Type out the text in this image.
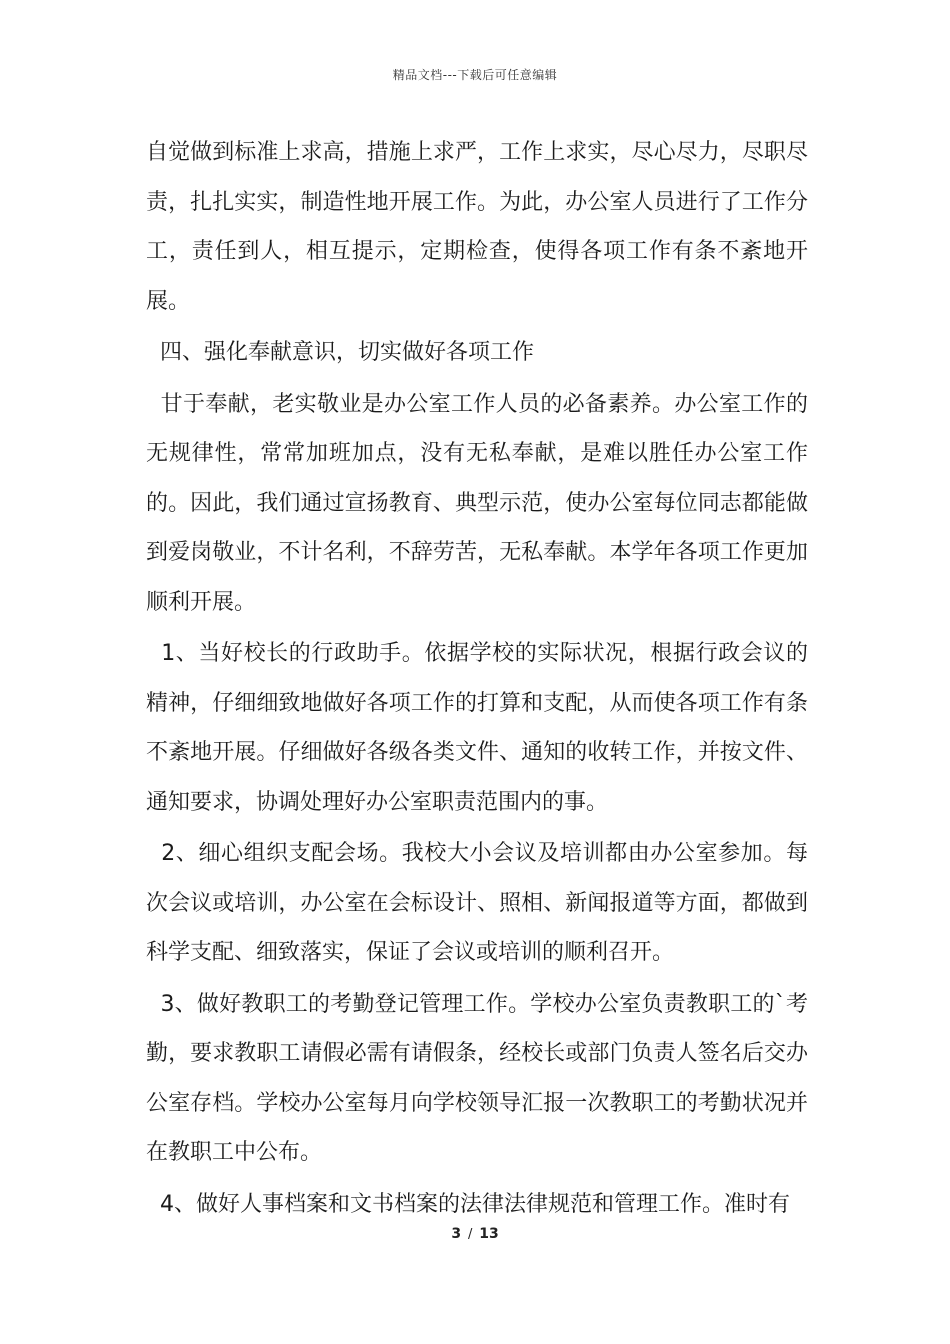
精品文档---下载后可任意编辑

自觉做到标准上求高，措施上求严，工作上求实，尽心尽力，尽职尽责，扎扎实实，制造性地开展工作。为此，办公室人员进行了工作分工，责任到人，相互提示，定期检查，使得各项工作有条不紊地开展。

四、强化奉献意识，切实做好各项工作

甘于奉献，老实敬业是办公室工作人员的必备素养。办公室工作的无规律性，常常加班加点，没有无私奉献，是难以胜任办公室工作的。因此，我们通过宣扬教育、典型示范，使办公室每位同志都能做到爱岗敬业，不计名利，不辞劳苦，无私奉献。本学年各项工作更加顺利开展。

1、当好校长的行政助手。依据学校的实际状况，根据行政会议的精神，仔细细致地做好各项工作的打算和支配，从而使各项工作有条不紊地开展。仔细做好各级各类文件、通知的收转工作，并按文件、通知要求，协调处理好办公室职责范围内的事。

2、细心组织支配会场。我校大小会议及培训都由办公室参加。每次会议或培训，办公室在会标设计、照相、新闻报道等方面，都做到科学支配、细致落实，保证了会议或培训的顺利召开。

3、做好教职工的考勤登记管理工作。学校办公室负责教职工的`考勤，要求教职工请假必需有请假条，经校长或部门负责人签名后交办公室存档。学校办公室每月向学校领导汇报一次教职工的考勤状况并在教职工中公布。

4、做好人事档案和文书档案的法律法律规范和管理工作。准时有

3 / 13
